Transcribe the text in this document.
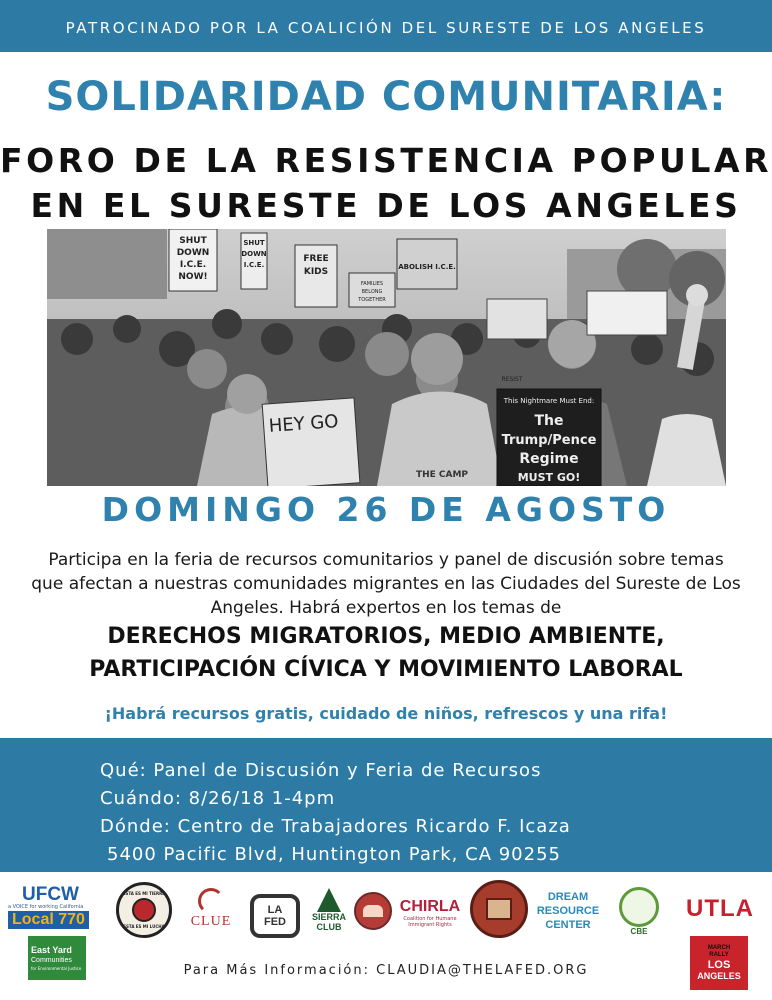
PATROCINADO POR LA COALICIÓN DEL SURESTE DE LOS ANGELES
SOLIDARIDAD COMUNITARIA:
FORO DE LA RESISTENCIA POPULAR
EN EL SURESTE DE LOS ANGELES
SHUT
DOWN
I.C.E.
NOW!
SHUT
DOWN
I.C.E.
FREE
KIDS
FAMILIES
BELONG
TOGETHER
ABOLISH I.C.E.
HEY GO
This Nightmare Must End:
The
Trump/Pence
Regime
MUST GO!
THE CAMP
RESIST
DOMINGO 26 DE AGOSTO
Participa en la feria de recursos comunitarios y panel de discusión sobre temas que afectan a nuestras comunidades migrantes en las Ciudades del Sureste de Los Angeles. Habrá expertos en los temas de
DERECHOS MIGRATORIOS, MEDIO AMBIENTE,
PARTICIPACIÓN CÍVICA Y MOVIMIENTO LABORAL
¡Habrá recursos gratis, cuidado de niños, refrescos y una rifa!
Qué: Panel de Discusión y Feria de Recursos
Cuándo: 8/26/18 1-4pm
Dónde: Centro de Trabajadores Ricardo F. Icaza
5400 Pacific Blvd, Huntington Park, CA 90255
UFCW
a VOICE for working California
Local 770
ESTA ES MI TIERRA
ESTA ES MI LUCHA CLUE
LA FED	SIERRA
CLUB
CHIRLA
Coalition for Humane Immigrant Rights
DREAM
RESOURCE
CENTER	CBE
UTLA
East Yard
Communities
for Environmental Justice
MARCH
RALLY
LOS
ANGELES
Para Más Información: CLAUDIA@THELAFED.ORG
